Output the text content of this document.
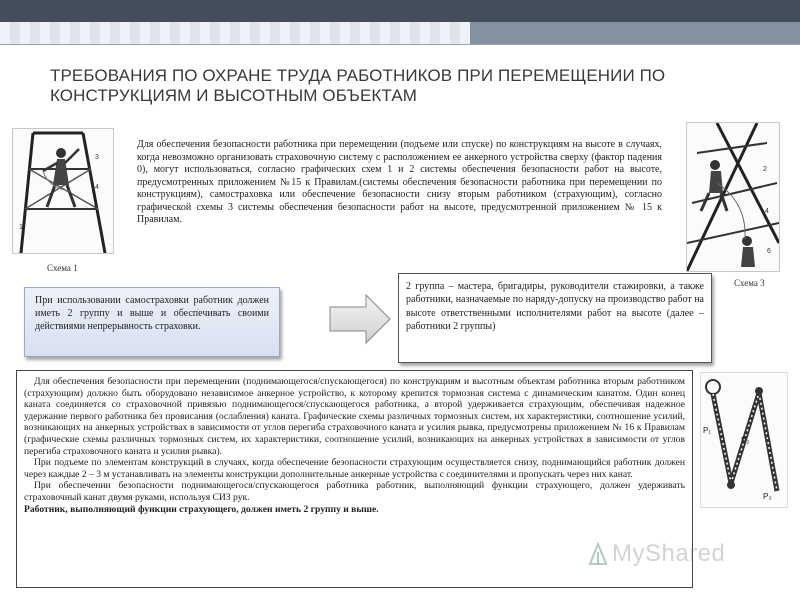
ТРЕБОВАНИЯ ПО ОХРАНЕ ТРУДА РАБОТНИКОВ ПРИ ПЕРЕМЕЩЕНИИ ПО КОНСТРУКЦИЯМ И ВЫСОТНЫМ ОБЪЕКТАМ
3
4
1
Схема 1
2
4
6
Схема 3

Для обеспечения безопасности работника при перемещении (подъеме или спуске) по конструкциям на высоте в случаях, когда невозможно организовать страховочную систему с расположением ее анкерного устройства сверху (фактор падения 0), могут использоваться, согласно графических схем 1 и 2 системы обеспечения безопасности работ на высоте, предусмотренных приложением №15 к Правилам.(системы обеспечения безопасности работника при перемещении по конструкциям), самостраховка или обеспечение безопасности снизу вторым работником (страхующим), согласно графической схемы 3 системы обеспечения безопасности работ на высоте, предусмотренной приложением № 15 к Правилам.

При использовании самостраховки работник должен иметь 2 группу и выше и обеспечивать своими действиями непрерывность страховки.
2 группа – мастера, бригадиры, руководители стажировки, а также работники, назначаемые по наряду-допуску на производство работ на высоте ответственными исполнителями работ на высоте (далее – работники 2 группы)

Для обеспечения безопасности при перемещении (поднимающегося/спускающегося) по конструкциям и высотным объектам работника вторым работником (страхующим) должно быть оборудовано независимое анкерное устройство, к которому крепится тормозная система с динамическим канатом. Один конец каната соединяется со страховочной привязью поднимающегося/спускающегося работника, а второй удерживается страхующим, обеспечивая надежное удержание первого работника без провисания (ослабления) каната. Графические схемы различных тормозных систем, их характеристики, соотношение усилий, возникающих на анкерных устройствах в зависимости от углов перегиба страховочного каната и усилия рывка, предусмотрены приложением № 16 к Правилам (графические схемы различных тормозных систем, их характеристики, соотношение усилий, возникающих на анкерных устройствах в зависимости от углов перегиба страховочного каната и усилия рывка).

При подъеме по элементам конструкций в случаях, когда обеспечение безопасности страхующим осуществляется снизу, поднимающийся работник должен через каждые 2 – 3 м устанавливать на элементы конструкции дополнительные анкерные устройства с соединителями и пропускать через них канат.

При обеспечении безопасности поднимающегося/спускающегося работника работник, выполняющий функции страхующего, должен удерживать страховочный канат двумя руками, используя СИЗ рук.

Работник, выполняющий функции страхующего, должен иметь 2 группу и выше.

Р₁
Р₂
Р₃
MyShared
